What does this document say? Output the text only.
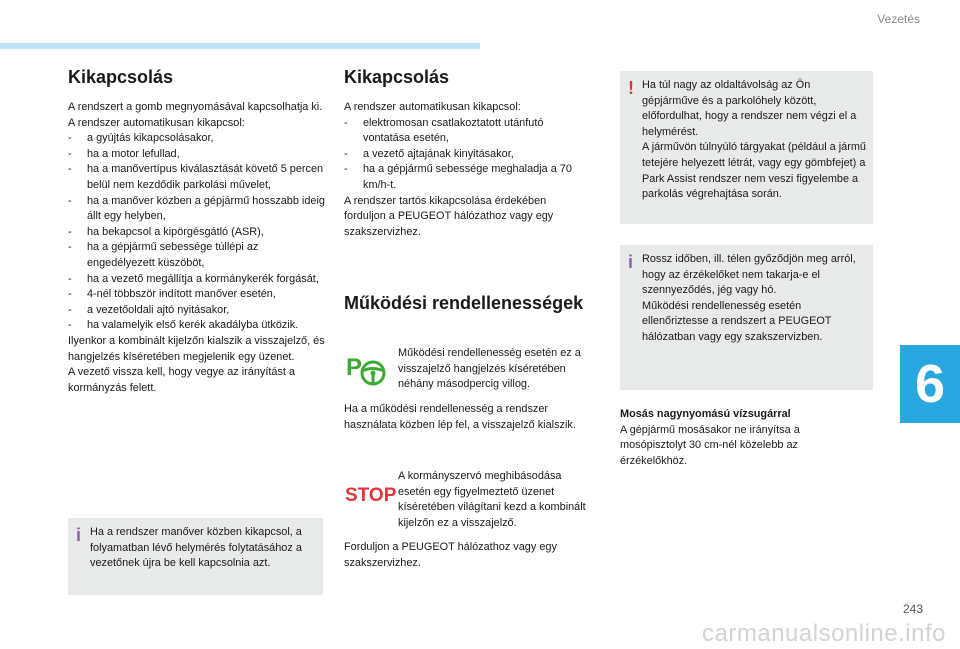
Vezetés
6
Kikapcsolás

A rendszert a gomb megnyomásával kapcsolhatja ki.

A rendszer automatikusan kikapcsol:

- a gyújtás kikapcsolásakor,
- ha a motor lefullad,
- ha a manővertípus kiválasztását követő 5 percen belül nem kezdődik parkolási művelet,
- ha a manőver közben a gépjármű hosszabb ideig állt egy helyben,
- ha bekapcsol a kipörgésgátló (ASR),
- ha a gépjármű sebessége túllépi az engedélyezett küszöböt,
- ha a vezető megállítja a kormánykerék forgását,
- 4-nél többször indított manőver esetén,
- a vezetőoldali ajtó nyitásakor,
- ha valamelyik első kerék akadályba ütközik.

Ilyenkor a kombinált kijelzőn kialszik a visszajelző, és hangjelzés kíséretében megjelenik egy üzenet.

A vezető vissza kell, hogy vegye az irányítást a kormányzás felett.

i Ha a rendszer manőver közben kikapcsol, a folyamatban lévő helymérés folytatásához a vezetőnek újra be kell kapcsolnia azt.

Kikapcsolás

A rendszer automatikusan kikapcsol:

- elektromosan csatlakoztatott utánfutó vontatása esetén,
- a vezető ajtajának kinyitásakor,
- ha a gépjármű sebessége meghaladja a 70 km/h-t.

A rendszer tartós kikapcsolása érdekében forduljon a PEUGEOT hálózathoz vagy egy szakszervizhez.

Működési rendellenességek
P
Működési rendellenesség esetén ez a visszajelző hangjelzés kíséretében néhány másodpercig villog.
Ha a működési rendellenesség a rendszer használata közben lép fel, a visszajelző kialszik.
STOP
A kormányszervó meghibásodása esetén egy figyelmeztető üzenet kíséretében világítani kezd a kombinált kijelzőn ez a visszajelző.
Forduljon a PEUGEOT hálózathoz vagy egy szakszervizhez.
! Ha túl nagy az oldaltávolság az Ön gépjárműve és a parkolóhely között, előfordulhat, hogy a rendszer nem végzi el a helymérést.

A járművön túlnyúló tárgyakat (például a jármű tetejére helyezett létrát, vagy egy gömbfejet) a Park Assist rendszer nem veszi figyelembe a parkolás végrehajtása során.

i Rossz időben, ill. télen győződjön meg arról, hogy az érzékelőket nem takarja-e el szennyeződés, jég vagy hó.

Működési rendellenesség esetén ellenőriztesse a rendszert a PEUGEOT hálózatban vagy egy szakszervizben.

Mosás nagynyomású vízsugárral

A gépjármű mosásakor ne irányítsa a mosópisztolyt 30 cm-nél közelebb az érzékelőkhöz.

243
carmanualsonline.info
